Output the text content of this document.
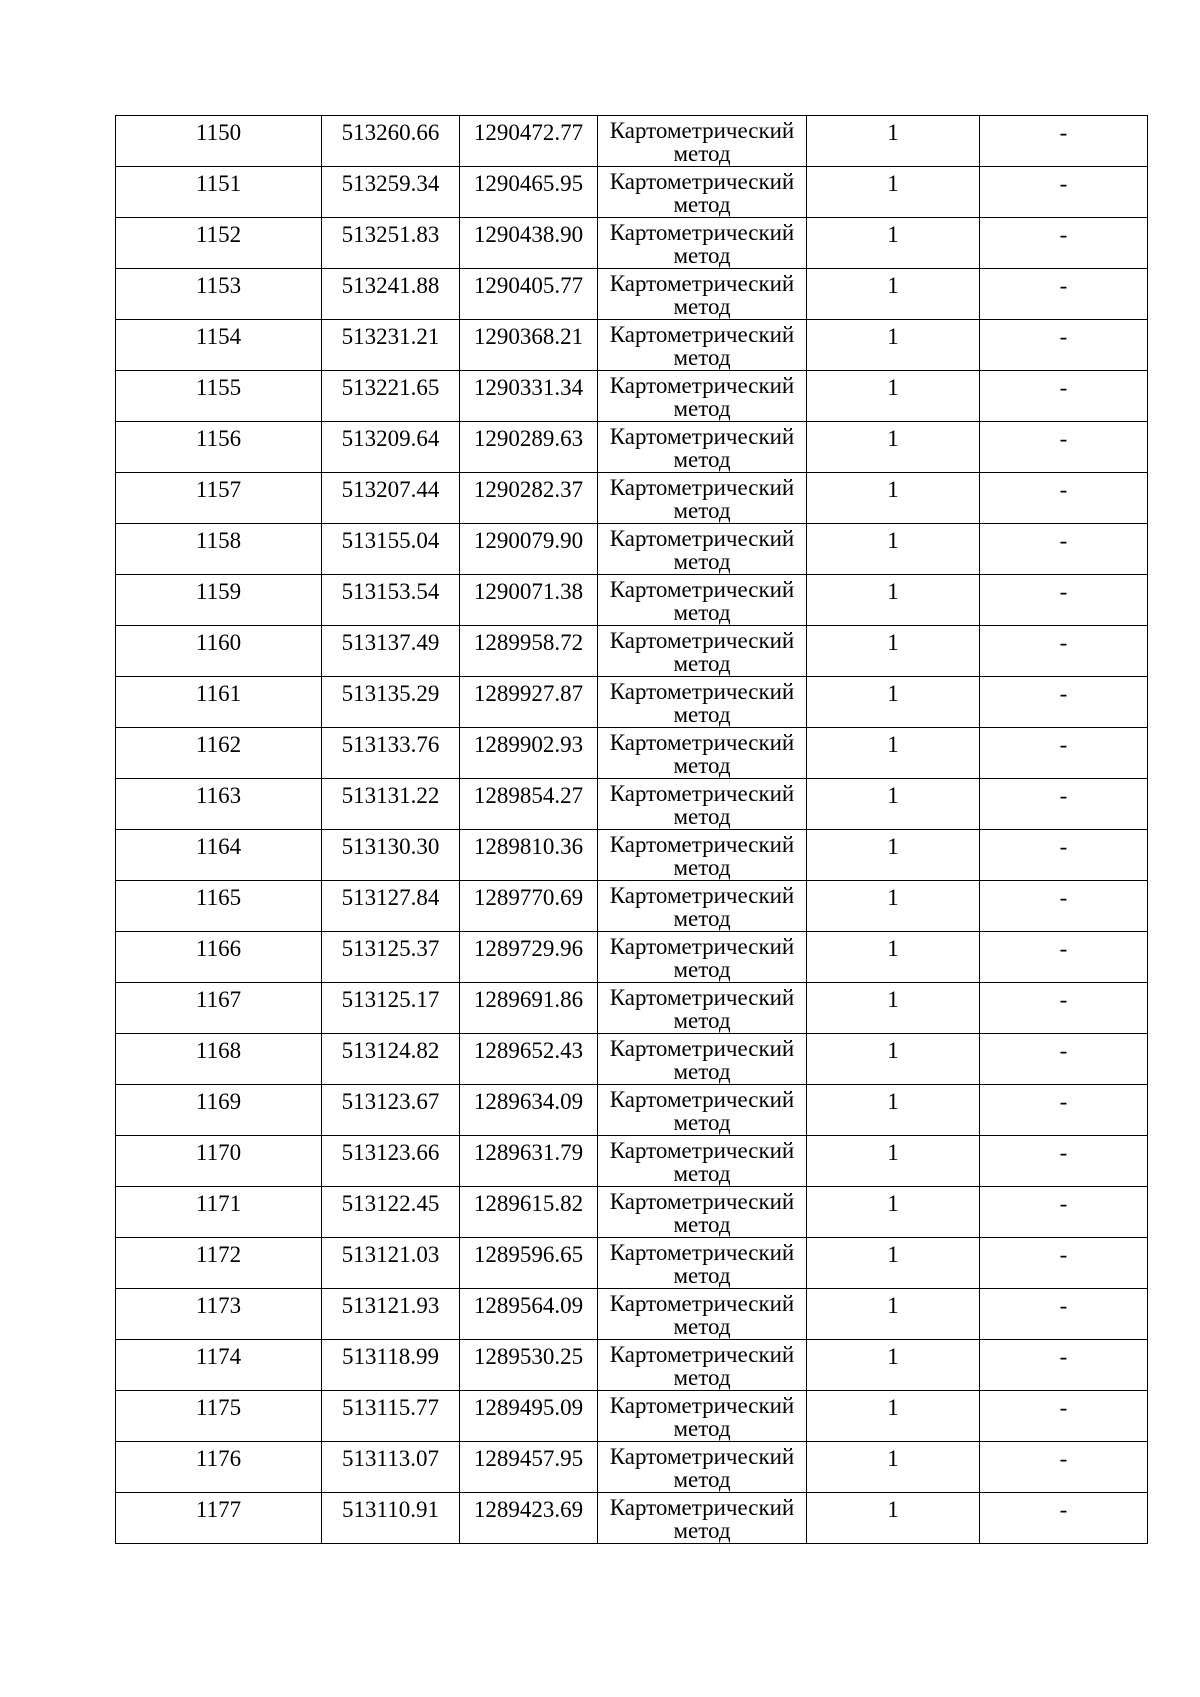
1150	513260.66	1290472.77	Картометрический метод	1	-

1151	513259.34	1290465.95	Картометрический метод	1	-

1152	513251.83	1290438.90	Картометрический метод	1	-

1153	513241.88	1290405.77	Картометрический метод	1	-

1154	513231.21	1290368.21	Картометрический метод	1	-

1155	513221.65	1290331.34	Картометрический метод	1	-

1156	513209.64	1290289.63	Картометрический метод	1	-

1157	513207.44	1290282.37	Картометрический метод	1	-

1158	513155.04	1290079.90	Картометрический метод	1	-

1159	513153.54	1290071.38	Картометрический метод	1	-

1160	513137.49	1289958.72	Картометрический метод	1	-

1161	513135.29	1289927.87	Картометрический метод	1	-

1162	513133.76	1289902.93	Картометрический метод	1	-

1163	513131.22	1289854.27	Картометрический метод	1	-

1164	513130.30	1289810.36	Картометрический метод	1	-

1165	513127.84	1289770.69	Картометрический метод	1	-

1166	513125.37	1289729.96	Картометрический метод	1	-

1167	513125.17	1289691.86	Картометрический метод	1	-

1168	513124.82	1289652.43	Картометрический метод	1	-

1169	513123.67	1289634.09	Картометрический метод	1	-

1170	513123.66	1289631.79	Картометрический метод	1	-

1171	513122.45	1289615.82	Картометрический метод	1	-

1172	513121.03	1289596.65	Картометрический метод	1	-

1173	513121.93	1289564.09	Картометрический метод	1	-

1174	513118.99	1289530.25	Картометрический метод	1	-

1175	513115.77	1289495.09	Картометрический метод	1	-

1176	513113.07	1289457.95	Картометрический метод	1	-

1177	513110.91	1289423.69	Картометрический метод	1	-
